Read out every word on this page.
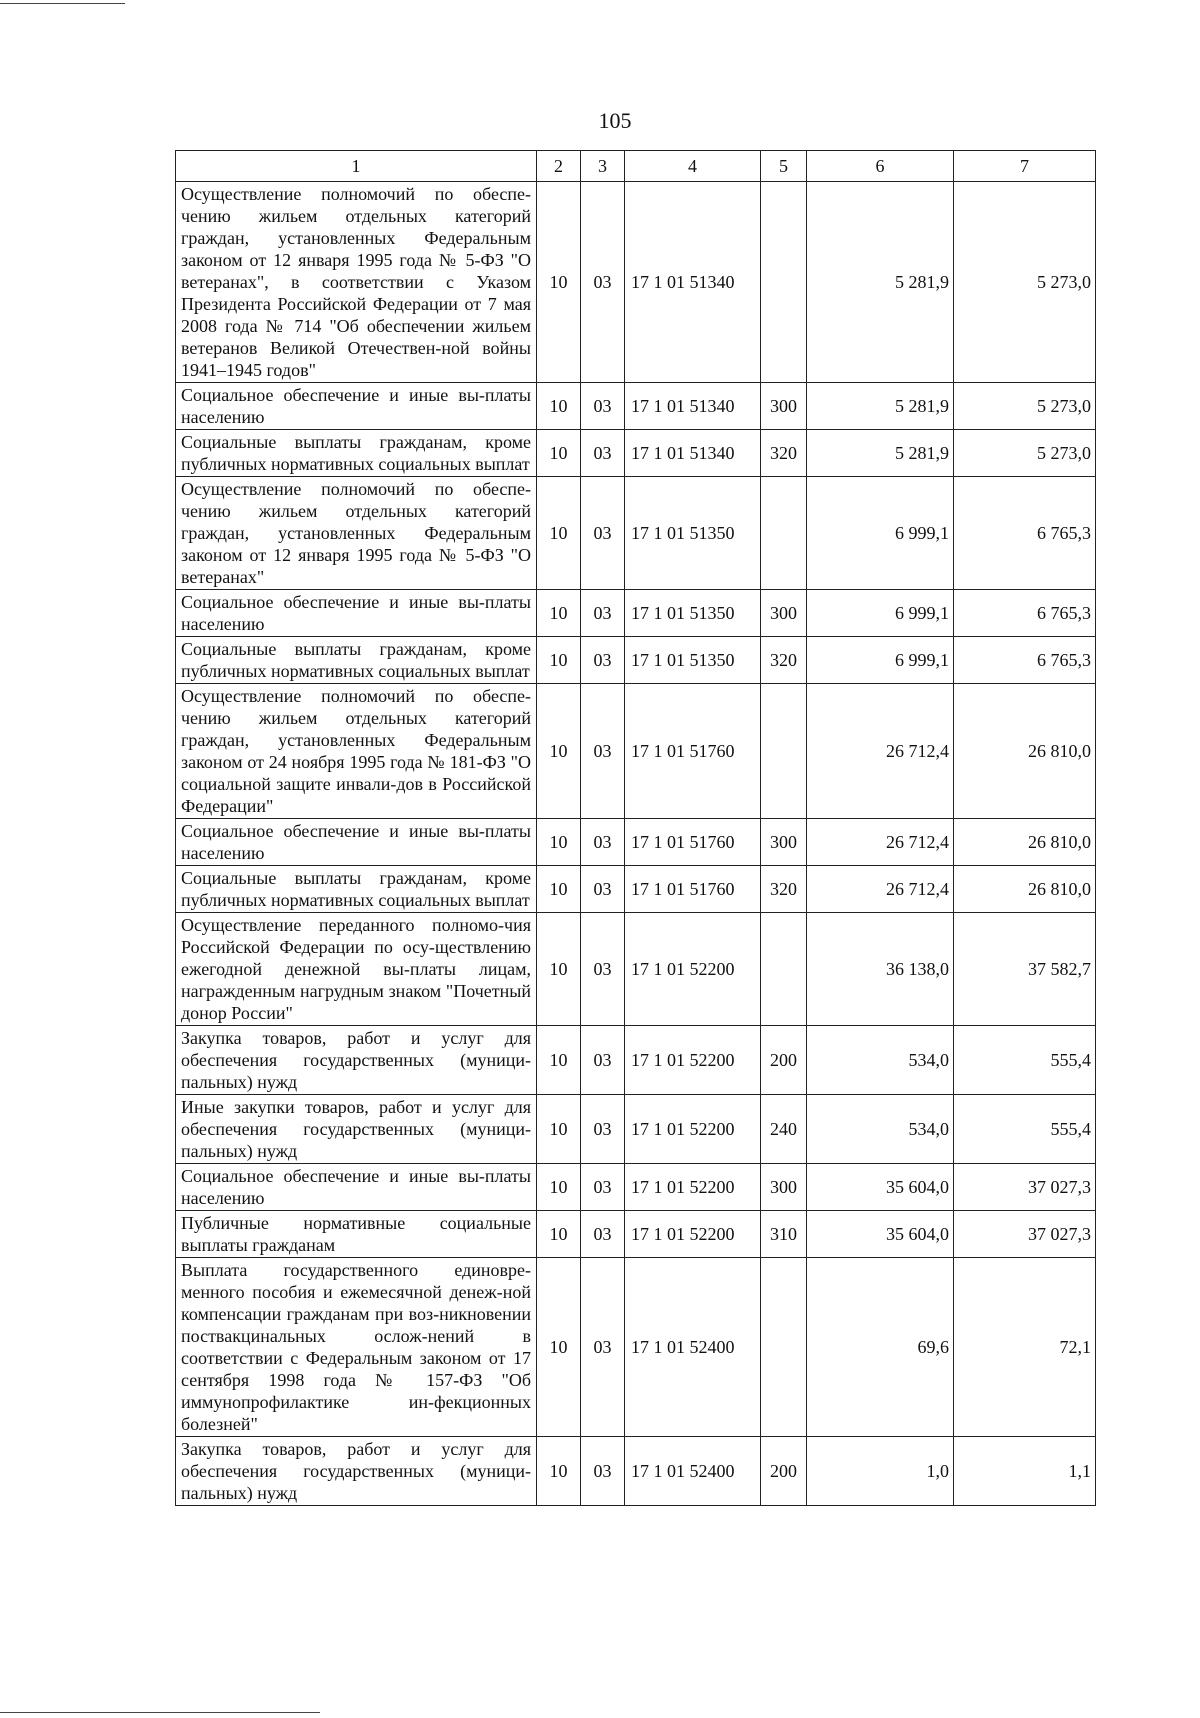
105
1	2	3	4	5	6	7
Осуществление полномочий по обеспе-чению жильем отдельных категорий граждан, установленных Федеральным законом от 12 января 1995 года № 5-ФЗ "О ветеранах", в соответствии с Указом Президента Российской Федерации от 7 мая 2008 года № 714 "Об обеспечении жильем ветеранов Великой Отечествен-ной войны 1941–1945 годов"	10	03	17 1 01 51340		5 281,9	5 273,0
Социальное обеспечение и иные вы-платы населению	10	03	17 1 01 51340	300	5 281,9	5 273,0
Социальные выплаты гражданам, кроме публичных нормативных социальных выплат	10	03	17 1 01 51340	320	5 281,9	5 273,0
Осуществление полномочий по обеспе-чению жильем отдельных категорий граждан, установленных Федеральным законом от 12 января 1995 года № 5-ФЗ "О ветеранах"	10	03	17 1 01 51350		6 999,1	6 765,3
Социальное обеспечение и иные вы-платы населению	10	03	17 1 01 51350	300	6 999,1	6 765,3
Социальные выплаты гражданам, кроме публичных нормативных социальных выплат	10	03	17 1 01 51350	320	6 999,1	6 765,3
Осуществление полномочий по обеспе-чению жильем отдельных категорий граждан, установленных Федеральным законом от 24 ноября 1995 года № 181-ФЗ "О социальной защите инвали-дов в Российской Федерации"	10	03	17 1 01 51760		26 712,4	26 810,0
Социальное обеспечение и иные вы-платы населению	10	03	17 1 01 51760	300	26 712,4	26 810,0
Социальные выплаты гражданам, кроме публичных нормативных социальных выплат	10	03	17 1 01 51760	320	26 712,4	26 810,0
Осуществление переданного полномо-чия Российской Федерации по осу-ществлению ежегодной денежной вы-платы лицам, награжденным нагрудным знаком "Почетный донор России"	10	03	17 1 01 52200		36 138,0	37 582,7
Закупка товаров, работ и услуг для обеспечения государственных (муници-пальных) нужд	10	03	17 1 01 52200	200	534,0	555,4
Иные закупки товаров, работ и услуг для обеспечения государственных (муници-пальных) нужд	10	03	17 1 01 52200	240	534,0	555,4
Социальное обеспечение и иные вы-платы населению	10	03	17 1 01 52200	300	35 604,0	37 027,3
Публичные нормативные социальные выплаты гражданам	10	03	17 1 01 52200	310	35 604,0	37 027,3
Выплата государственного единовре-менного пособия и ежемесячной денеж-ной компенсации гражданам при воз-никновении поствакцинальных ослож-нений в соответствии с Федеральным законом от 17 сентября 1998 года № 157-ФЗ "Об иммунопрофилактике ин-фекционных болезней"	10	03	17 1 01 52400		69,6	72,1
Закупка товаров, работ и услуг для обеспечения государственных (муници-пальных) нужд	10	03	17 1 01 52400	200	1,0	1,1
